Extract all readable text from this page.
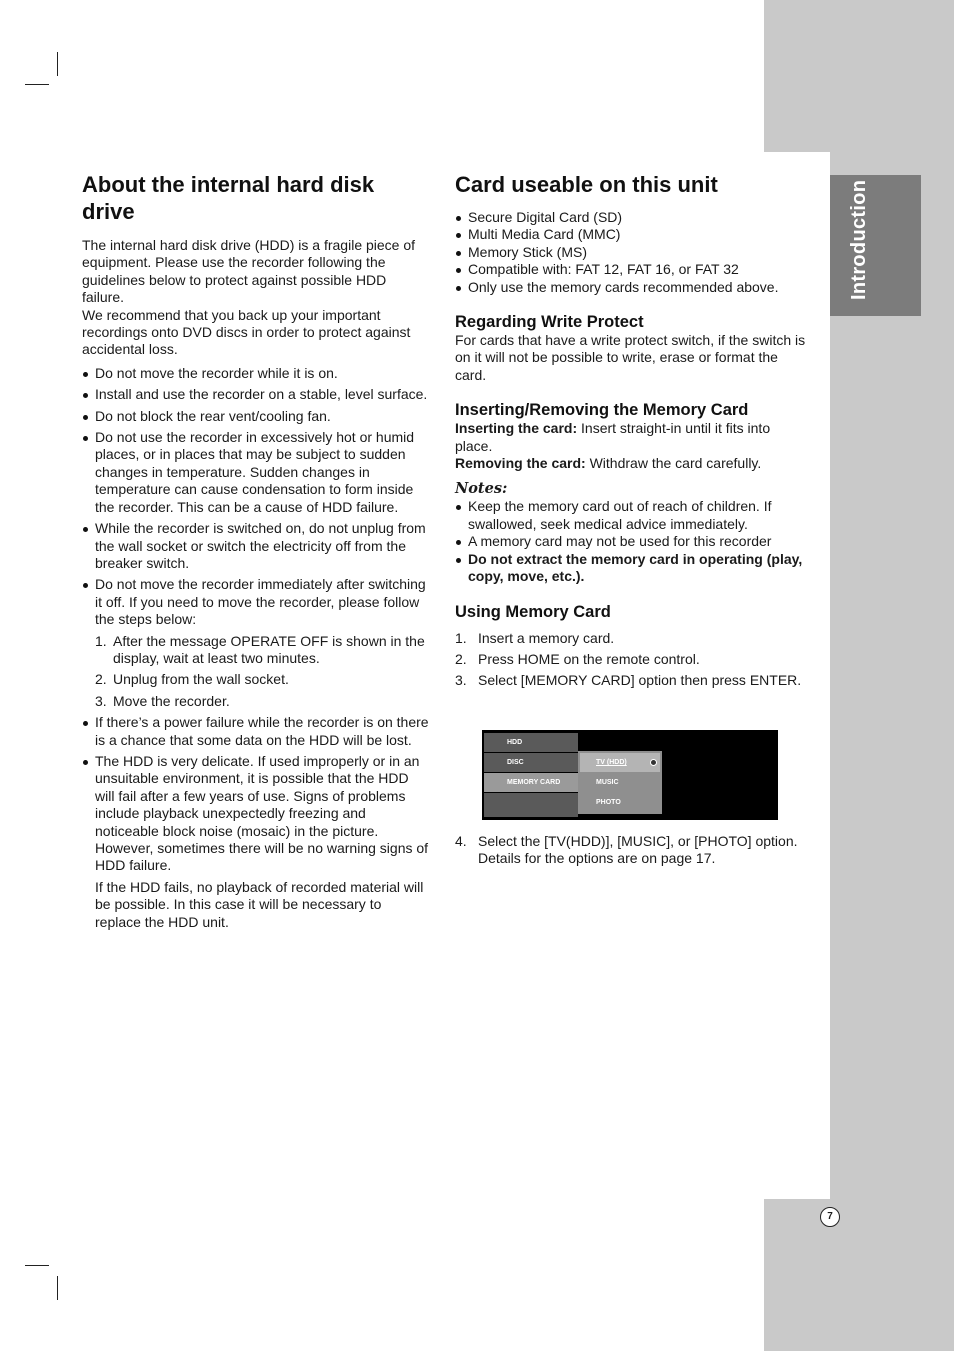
Introduction
7
About the internal hard disk drive

The internal hard disk drive (HDD) is a fragile piece of equipment. Please use the recorder following the guidelines below to protect against possible HDD failure.

We recommend that you back up your important recordings onto DVD discs in order to protect against accidental loss.

Do not move the recorder while it is on.
Install and use the recorder on a stable, level surface.
Do not block the rear vent/cooling fan.
Do not use the recorder in excessively hot or humid places, or in places that may be subject to sudden changes in temperature. Sudden changes in temperature can cause condensation to form inside the recorder. This can be a cause of HDD failure.
While the recorder is switched on, do not unplug from the wall socket or switch the electricity off from the breaker switch.
Do not move the recorder immediately after switching it off. If you need to move the recorder, please follow the steps below:
1. After the message OPERATE OFF is shown in the display, wait at least two minutes.
2. Unplug from the wall socket.
3. Move the recorder.
If there’s a power failure while the recorder is on there is a chance that some data on the HDD will be lost.
The HDD is very delicate. If used improperly or in an unsuitable environment, it is possible that the HDD will fail after a few years of use. Signs of problems include playback unexpectedly freezing and noticeable block noise (mosaic) in the picture. However, sometimes there will be no warning signs of HDD failure.

If the HDD fails, no playback of recorded material will be possible. In this case it will be necessary to replace the HDD unit.

Card useable on this unit
Secure Digital Card (SD)
Multi Media Card (MMC)
Memory Stick (MS)
Compatible with: FAT 12, FAT 16, or FAT 32
Only use the memory cards recommended above.
Regarding Write Protect

For cards that have a write protect switch, if the switch is on it will not be possible to write, erase or format the card.

Inserting/Removing the Memory Card

Inserting the card: Insert straight-in until it fits into place.

Removing the card: Withdraw the card carefully.

Notes:
Keep the memory card out of reach of children. If swallowed, seek medical advice immediately.
A memory card may not be used for this recorder
Do not extract the memory card in operating (play, copy, move, etc.).
Using Memory Card
1. Insert a memory card.
2. Press HOME on the remote control.
3. Select [MEMORY CARD] option then press ENTER.
HDD
DISC
MEMORY CARD
TV (HDD)
MUSIC
PHOTO
4. Select the [TV(HDD)], [MUSIC], or [PHOTO] option.

Details for the options are on page 17.
